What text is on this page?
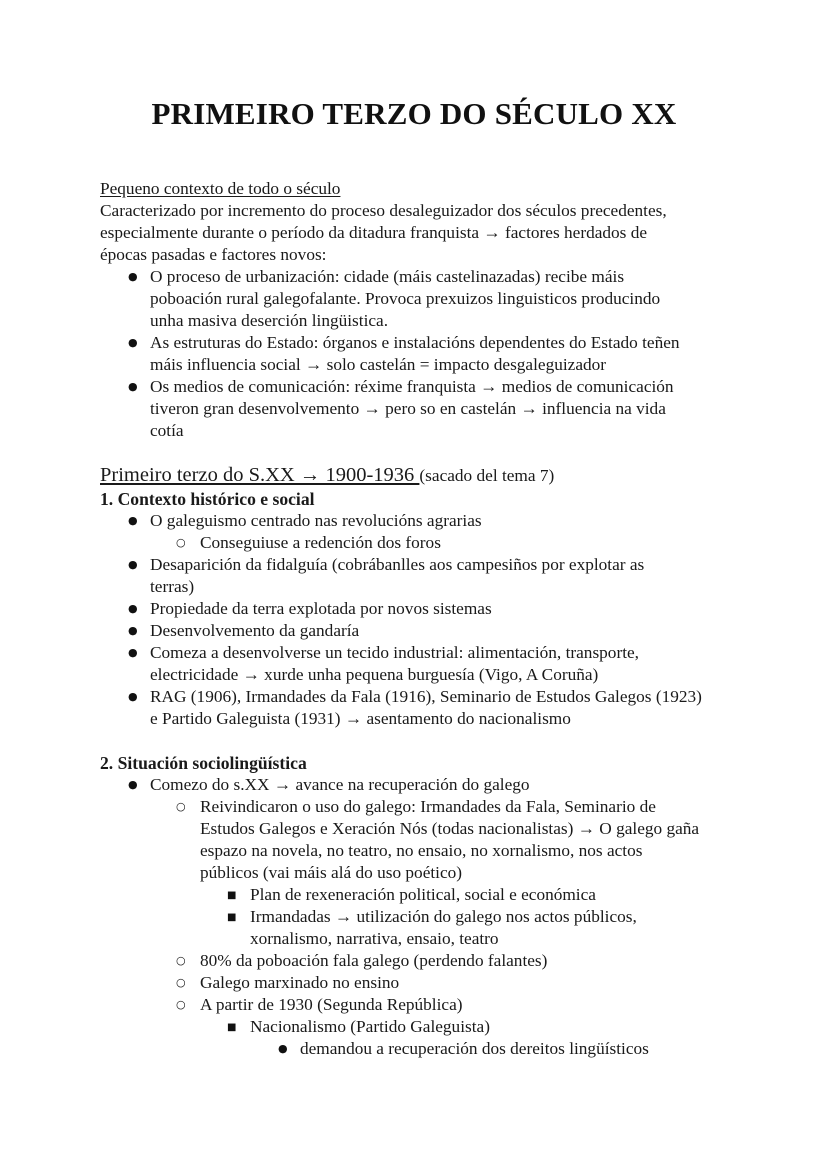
PRIMEIRO TERZO DO SÉCULO XX
Pequeno contexto de todo o século
Caracterizado por incremento do proceso desaleguizador dos séculos precedentes,
especialmente durante o período da ditadura franquista → factores herdados de
épocas pasadas e factores novos:
●
O proceso de urbanización: cidade (máis castelinazadas) recibe máis
poboación rural galegofalante. Provoca prexuizos linguisticos producindo
unha masiva deserción lingüistica.
●
As estruturas do Estado: órganos e instalacións dependentes do Estado teñen
máis influencia social → solo castelán = impacto desgaleguizador
●
Os medios de comunicación: réxime franquista → medios de comunicación
tiveron gran desenvolvemento → pero so en castelán → influencia na vida
cotía
Primeiro terzo do S.XX → 1900-1936 (sacado del tema 7)
1. Contexto histórico e social
●
O galeguismo centrado nas revolucións agrarias
○
Conseguiuse a redención dos foros
●
Desaparición da fidalguía (cobrábanlles aos campesiños por explotar as
terras)
●
Propiedade da terra explotada por novos sistemas
●
Desenvolvemento da gandaría
●
Comeza a desenvolverse un tecido industrial: alimentación, transporte,
electricidade → xurde unha pequena burguesía (Vigo, A Coruña)
●
RAG (1906), Irmandades da Fala (1916), Seminario de Estudos Galegos (1923)
e Partido Galeguista (1931) → asentamento do nacionalismo
2. Situación sociolingüística
●
Comezo do s.XX → avance na recuperación do galego
○
Reivindicaron o uso do galego: Irmandades da Fala, Seminario de
Estudos Galegos e Xeración Nós (todas nacionalistas) → O galego gaña
espazo na novela, no teatro, no ensaio, no xornalismo, nos actos
públicos (vai máis alá do uso poético)
■
Plan de rexeneración political, social e económica
■
Irmandadas → utilización do galego nos actos públicos,
xornalismo, narrativa, ensaio, teatro
○
80% da poboación fala galego (perdendo falantes)
○
Galego marxinado no ensino
○
A partir de 1930 (Segunda República)
■
Nacionalismo (Partido Galeguista)
●
demandou a recuperación dos dereitos lingüísticos
